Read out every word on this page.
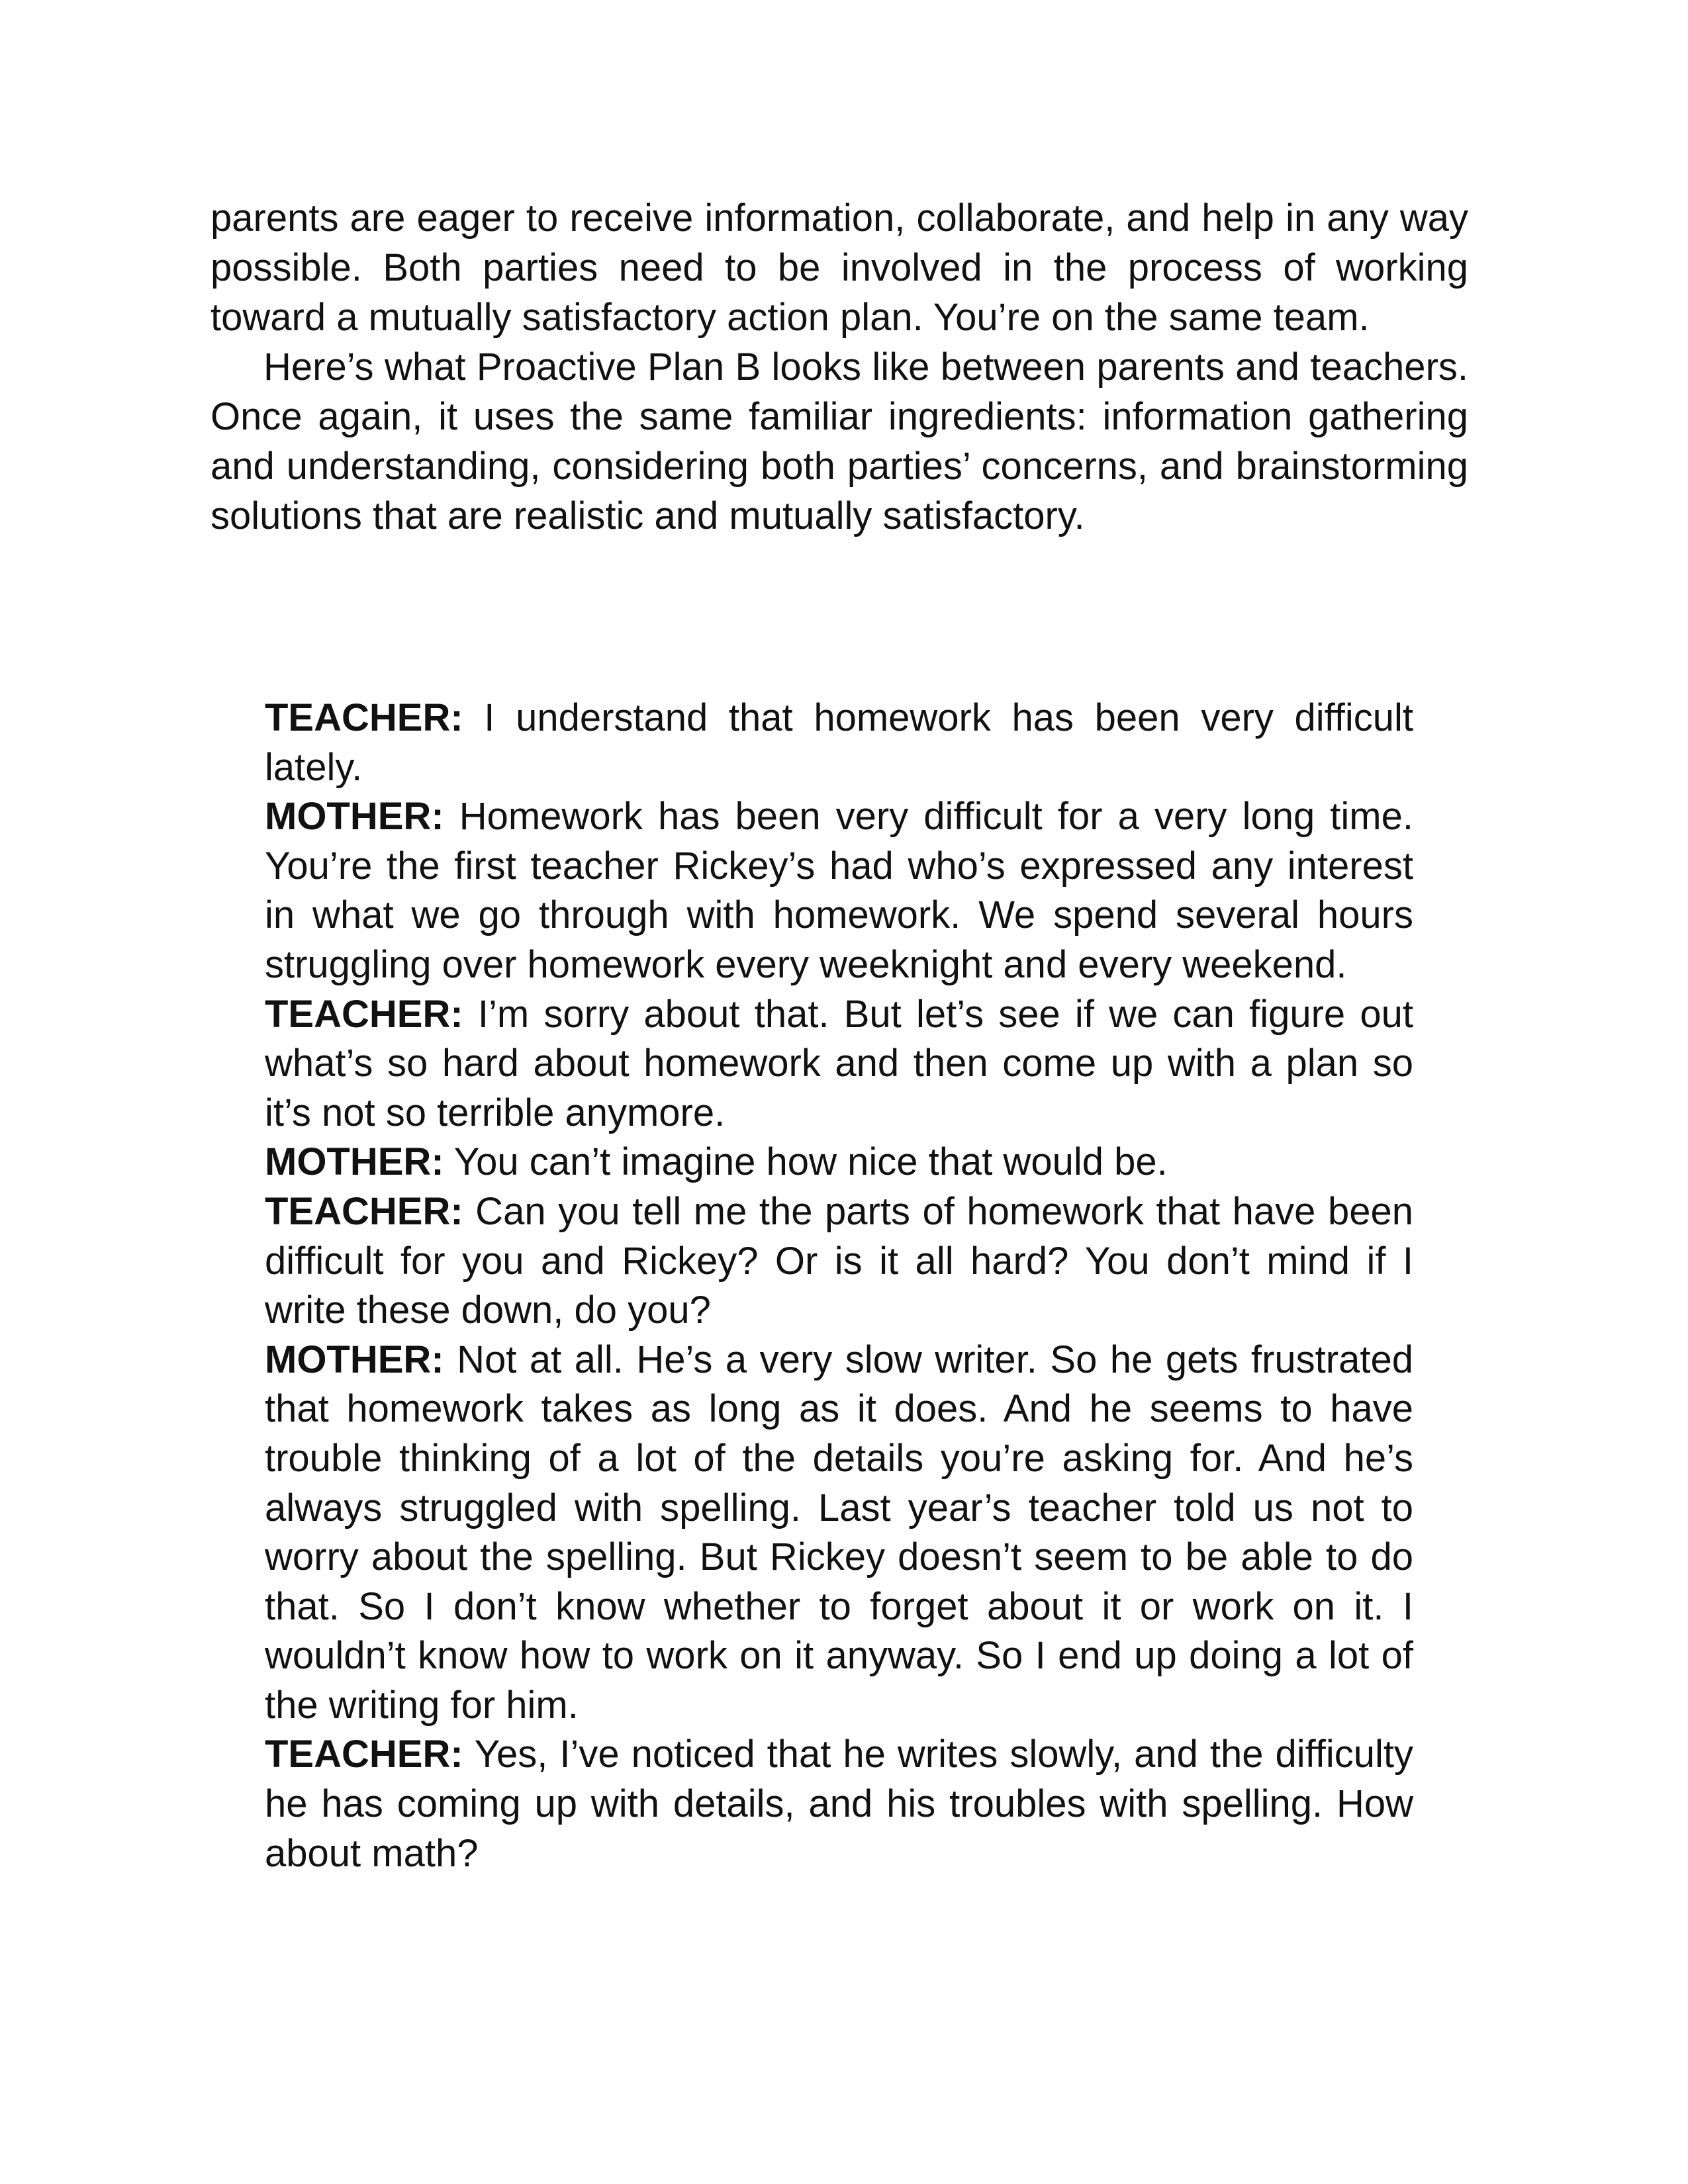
parents are eager to receive information, collaborate, and help in any way possible. Both parties need to be involved in the process of working toward a mutually satisfactory action plan. You’re on the same team.

Here’s what Proactive Plan B looks like between parents and teachers. Once again, it uses the same familiar ingredients: information gathering and understanding, considering both parties’ concerns, and brainstorming solutions that are realistic and mutually satisfactory.

TEACHER: I understand that homework has been very difficult lately.

MOTHER: Homework has been very difficult for a very long time. You’re the first teacher Rickey’s had who’s expressed any interest in what we go through with homework. We spend several hours struggling over homework every weeknight and every weekend.

TEACHER: I’m sorry about that. But let’s see if we can figure out what’s so hard about homework and then come up with a plan so it’s not so terrible anymore.

MOTHER: You can’t imagine how nice that would be.

TEACHER: Can you tell me the parts of homework that have been difficult for you and Rickey? Or is it all hard? You don’t mind if I write these down, do you?

MOTHER: Not at all. He’s a very slow writer. So he gets frustrated that homework takes as long as it does. And he seems to have trouble thinking of a lot of the details you’re asking for. And he’s always struggled with spelling. Last year’s teacher told us not to worry about the spelling. But Rickey doesn’t seem to be able to do that. So I don’t know whether to forget about it or work on it. I wouldn’t know how to work on it anyway. So I end up doing a lot of the writing for him.

TEACHER: Yes, I’ve noticed that he writes slowly, and the difficulty he has coming up with details, and his troubles with spelling. How about math?
